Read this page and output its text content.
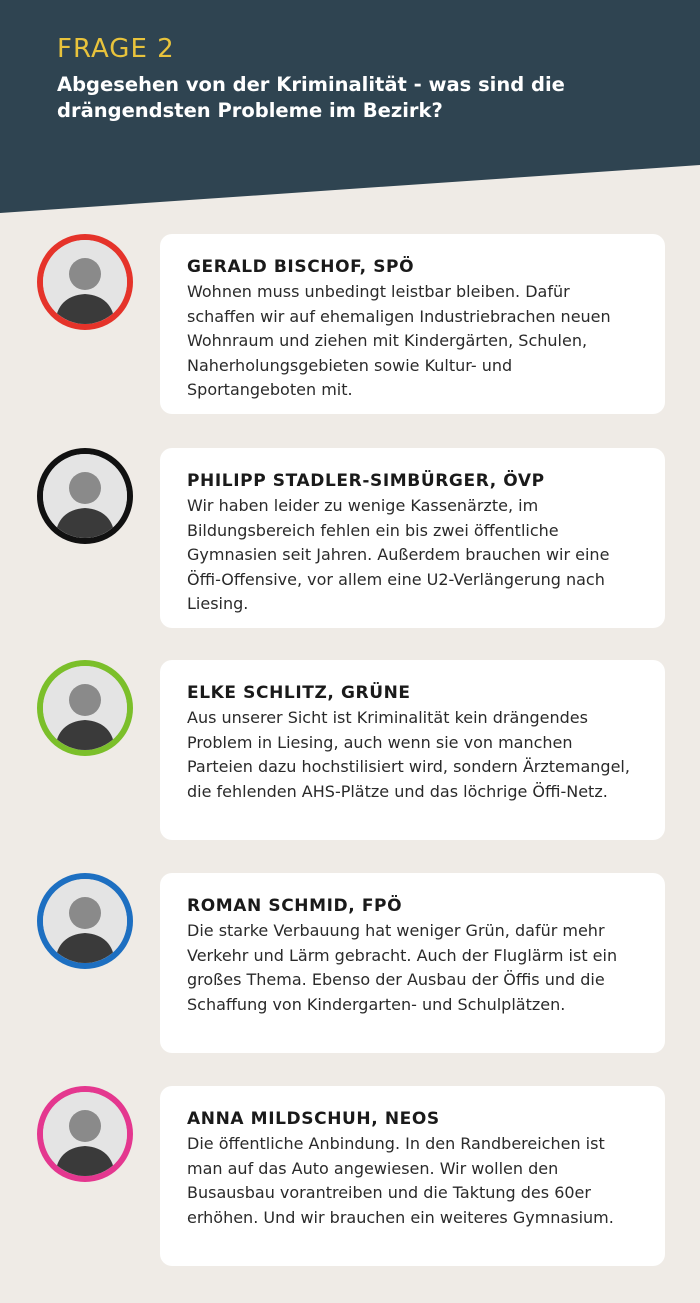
FRAGE 2
Abgesehen von der Kriminalität - was sind die drängendsten Probleme im Bezirk?
GERALD BISCHOF, SPÖ
Wohnen muss unbedingt leistbar bleiben. Dafür schaffen wir auf ehemaligen Industriebrachen neuen Wohnraum und ziehen mit Kindergärten, Schulen, Naherholungsgebieten sowie Kultur- und Sportangeboten mit.
PHILIPP STADLER-SIMBÜRGER, ÖVP
Wir haben leider zu wenige Kassenärzte, im Bildungsbereich fehlen ein bis zwei öffentliche Gymnasien seit Jahren. Außerdem brauchen wir eine Öffi-Offensive, vor allem eine U2-Verlängerung nach Liesing.
ELKE SCHLITZ, GRÜNE
Aus unserer Sicht ist Kriminalität kein drängendes Problem in Liesing, auch wenn sie von manchen Parteien dazu hochstilisiert wird, sondern Ärztemangel, die fehlenden AHS-Plätze und das löchrige Öffi-Netz.
ROMAN SCHMID, FPÖ
Die starke Verbauung hat weniger Grün, dafür mehr Verkehr und Lärm gebracht. Auch der Fluglärm ist ein großes Thema. Ebenso der Ausbau der Öffis und die Schaffung von Kindergarten- und Schulplätzen.
ANNA MILDSCHUH, NEOS
Die öffentliche Anbindung. In den Randbereichen ist man auf das Auto angewiesen. Wir wollen den Busausbau vorantreiben und die Taktung des 60er erhöhen. Und wir brauchen ein weiteres Gymnasium.
